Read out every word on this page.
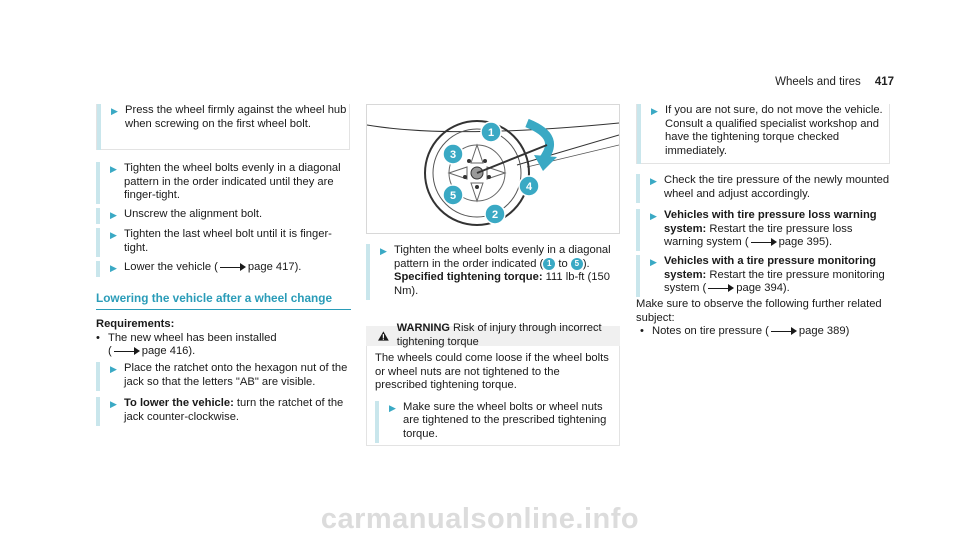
Wheels and tires 417
▶ Press the wheel firmly against the wheel hub when screwing on the first wheel bolt.
▶ Tighten the wheel bolts evenly in a diagonal pattern in the order indicated until they are finger-tight.
▶ Unscrew the alignment bolt.
▶ Tighten the last wheel bolt until it is finger-tight.
▶ Lower the vehicle (	page 417).
Lowering the vehicle after a wheel change
Requirements:
• The new wheel has been installed
(	page 416).
▶ Place the ratchet onto the hexagon nut of the jack so that the letters "AB" are visible.
▶ To lower the vehicle: turn the ratchet of the jack counter-clockwise.
1
3
4
5
2
▶ Tighten the wheel bolts evenly in a diagonal pattern in the order indicated ( 1 to 5 ).
Specified tightening torque: 111 lb-ft (150 Nm).
WARNING Risk of injury through incorrect tightening torque
The wheels could come loose if the wheel bolts or wheel nuts are not tightened to the prescribed tightening torque.
▶ Make sure the wheel bolts or wheel nuts are tightened to the prescribed tightening torque.
▶ If you are not sure, do not move the vehicle. Consult a qualified specialist workshop and have the tightening torque checked immediately.
▶ Check the tire pressure of the newly mounted wheel and adjust accordingly.
▶ Vehicles with tire pressure loss warning system: Restart the tire pressure loss warning system (	page 395).
▶ Vehicles with a tire pressure monitoring system: Restart the tire pressure monitoring system (	page 394).
Make sure to observe the following further related subject:
• Notes on tire pressure (	page 389)
carmanualsonline.info
